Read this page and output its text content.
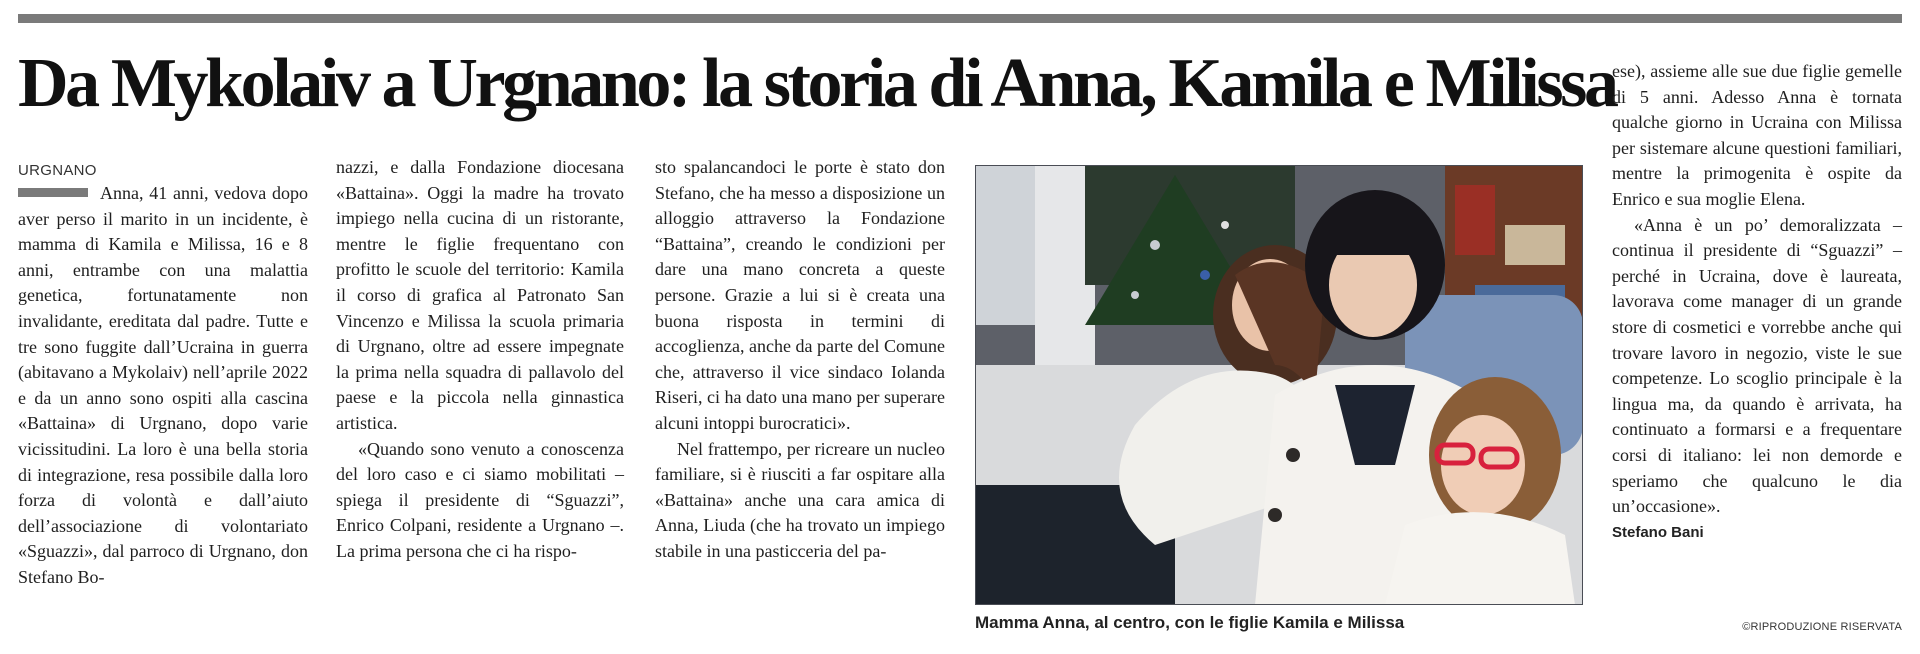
Da Mykolaiv a Urgnano: la storia di Anna, Kamila e Milissa
URGNANO

Anna, 41 anni, vedova dopo aver perso il marito in un incidente, è mamma di Kamila e Milissa, 16 e 8 anni, entrambe con una malattia genetica, fortunatamente non invalidante, ereditata dal padre. Tutte e tre sono fuggite dall’Ucraina in guerra (abitavano a Mykolaiv) nell’aprile 2022 e da un anno sono ospiti alla cascina «Battaina» di Urgnano, dopo varie vicissitudini. La loro è una bella storia di integrazione, resa possibile dalla loro forza di volontà e dall’aiuto dell’associazione di volontariato «Sguazzi», dal parroco di Urgnano, don Stefano Bo-

nazzi, e dalla Fondazione diocesana «Battaina». Oggi la madre ha trovato impiego nella cucina di un ristorante, mentre le figlie frequentano con profitto le scuole del territorio: Kamila il corso di grafica al Patronato San Vincenzo e Milissa la scuola primaria di Urgnano, oltre ad essere impegnate la prima nella squadra di pallavolo del paese e la piccola nella ginnastica artistica.

«Quando sono venuto a conoscenza del loro caso e ci siamo mobilitati – spiega il presidente di “Sguazzi”, Enrico Colpani, residente a Urgnano –. La prima persona che ci ha rispo-

sto spalancandoci le porte è stato don Stefano, che ha messo a disposizione un alloggio attraverso la Fondazione “Battaina”, creando le condizioni per dare una mano concreta a queste persone. Grazie a lui si è creata una buona risposta in termini di accoglienza, anche da parte del Comune che, attraverso il vice sindaco Iolanda Riseri, ci ha dato una mano per superare alcuni intoppi burocratici».

Nel frattempo, per ricreare un nucleo familiare, si è riusciti a far ospitare alla «Battaina» anche una cara amica di Anna, Liuda (che ha trovato un impiego stabile in una pasticceria del pa-

Mamma Anna, al centro, con le figlie Kamila e Milissa

ese), assieme alle sue due figlie gemelle di 5 anni. Adesso Anna è tornata qualche giorno in Ucraina con Milissa per sistemare alcune questioni familiari, mentre la primogenita è ospite da Enrico e sua moglie Elena.

«Anna è un po’ demoralizzata – continua il presidente di “Sguazzi” – perché in Ucraina, dove è laureata, lavorava come manager di un grande store di cosmetici e vorrebbe anche qui trovare lavoro in negozio, viste le sue competenze. Lo scoglio principale è la lingua ma, da quando è arrivata, ha continuato a formarsi e a frequentare corsi di italiano: lei non demorde e speriamo che qualcuno le dia un’occasione».

Stefano Bani

©RIPRODUZIONE RISERVATA
